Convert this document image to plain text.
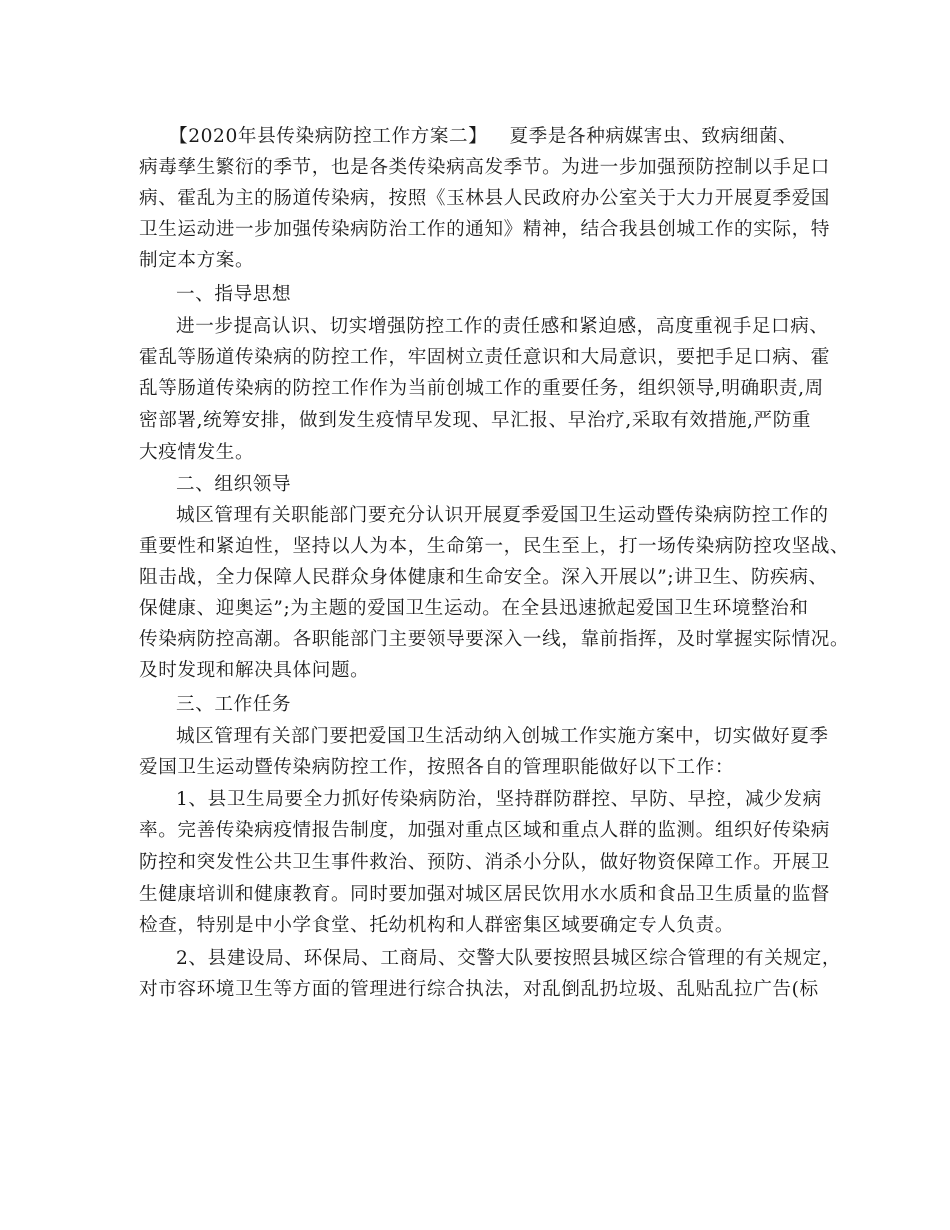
【2020年县传染病防控工作方案二】 夏季是各种病媒害虫、致病细菌、
病毒孳生繁衍的季节，也是各类传染病高发季节。为进一步加强预防控制以手足口
病、霍乱为主的肠道传染病，按照《玉林县人民政府办公室关于大力开展夏季爱国
卫生运动进一步加强传染病防治工作的通知》精神，结合我县创城工作的实际，特
制定本方案。
一、指导思想
进一步提高认识、切实增强防控工作的责任感和紧迫感，高度重视手足口病、
霍乱等肠道传染病的防控工作，牢固树立责任意识和大局意识，要把手足口病、霍
乱等肠道传染病的防控工作作为当前创城工作的重要任务，组织领导,明确职责,周
密部署,统筹安排，做到发生疫情早发现、早汇报、早治疗,采取有效措施,严防重
大疫情发生。
二、组织领导
城区管理有关职能部门要充分认识开展夏季爱国卫生运动暨传染病防控工作的
重要性和紧迫性，坚持以人为本，生命第一，民生至上，打一场传染病防控攻坚战、
阻击战，全力保障人民群众身体健康和生命安全。深入开展以”;讲卫生、防疾病、
保健康、迎奥运”;为主题的爱国卫生运动。在全县迅速掀起爱国卫生环境整治和
传染病防控高潮。各职能部门主要领导要深入一线，靠前指挥，及时掌握实际情况。
及时发现和解决具体问题。
三、工作任务
城区管理有关部门要把爱国卫生活动纳入创城工作实施方案中，切实做好夏季
爱国卫生运动暨传染病防控工作，按照各自的管理职能做好以下工作：
1、县卫生局要全力抓好传染病防治，坚持群防群控、早防、早控，减少发病
率。完善传染病疫情报告制度，加强对重点区域和重点人群的监测。组织好传染病
防控和突发性公共卫生事件救治、预防、消杀小分队，做好物资保障工作。开展卫
生健康培训和健康教育。同时要加强对城区居民饮用水水质和食品卫生质量的监督
检查，特别是中小学食堂、托幼机构和人群密集区域要确定专人负责。
2、县建设局、环保局、工商局、交警大队要按照县城区综合管理的有关规定，
对市容环境卫生等方面的管理进行综合执法，对乱倒乱扔垃圾、乱贴乱拉广告(标
